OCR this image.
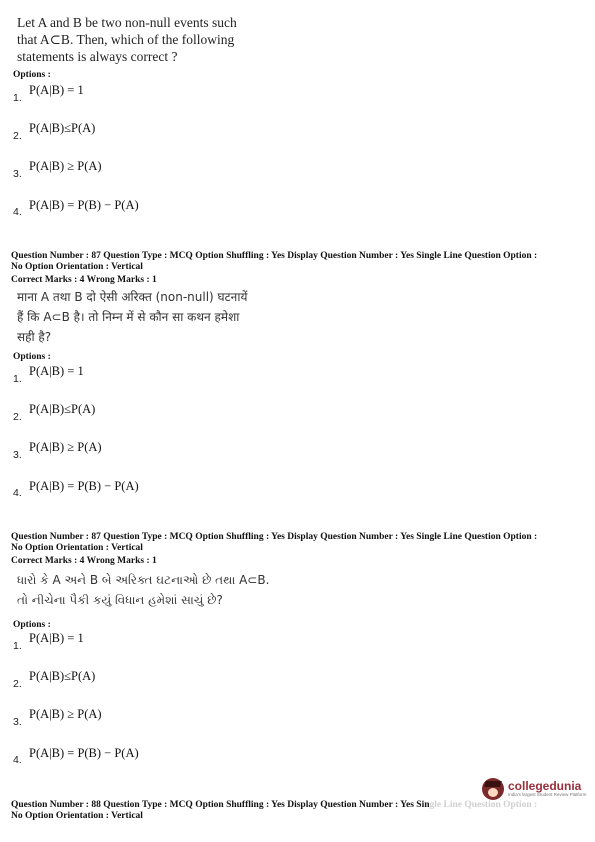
Let A and B be two non-null events such
that A⊂B. Then, which of the following
statements is always correct ?
Options :
1.
P(A|B) = 1
2.
P(A|B)≤P(A)
3.
P(A|B) ≥ P(A)
4. P(A|B) = P(B) − P(A)
Question Number : 87 Question Type : MCQ Option Shuffling : Yes Display Question Number : Yes Single Line Question Option :
No Option Orientation : Vertical
Correct Marks : 4 Wrong Marks : 1
माना A तथा B दो ऐसी अरिक्त (non-null) घटनायें
हैं कि A⊂B है। तो निम्न में से कौन सा कथन हमेशा
सही है?
Options :
1.
P(A|B) = 1
2.
P(A|B)≤P(A)
3.
P(A|B) ≥ P(A)
4. P(A|B) = P(B) − P(A)
Question Number : 87 Question Type : MCQ Option Shuffling : Yes Display Question Number : Yes Single Line Question Option :
No Option Orientation : Vertical
Correct Marks : 4 Wrong Marks : 1
ધારો કે A અને B બે અરિક્ત ઘટનાઓ છે તથા A⊂B.
તો નીચેના પૈકી કયું વિધાન હમેશાં સાચું છે?
Options :
1.
P(A|B) = 1
2.
P(A|B)≤P(A)
3.
P(A|B) ≥ P(A)
4. P(A|B) = P(B) − P(A)
collegedunia
India's largest Student Review Platform
Question Number : 88 Question Type : MCQ Option Shuffling : Yes Display Question Number : Yes Single Line Question Option :
No Option Orientation : Vertical
